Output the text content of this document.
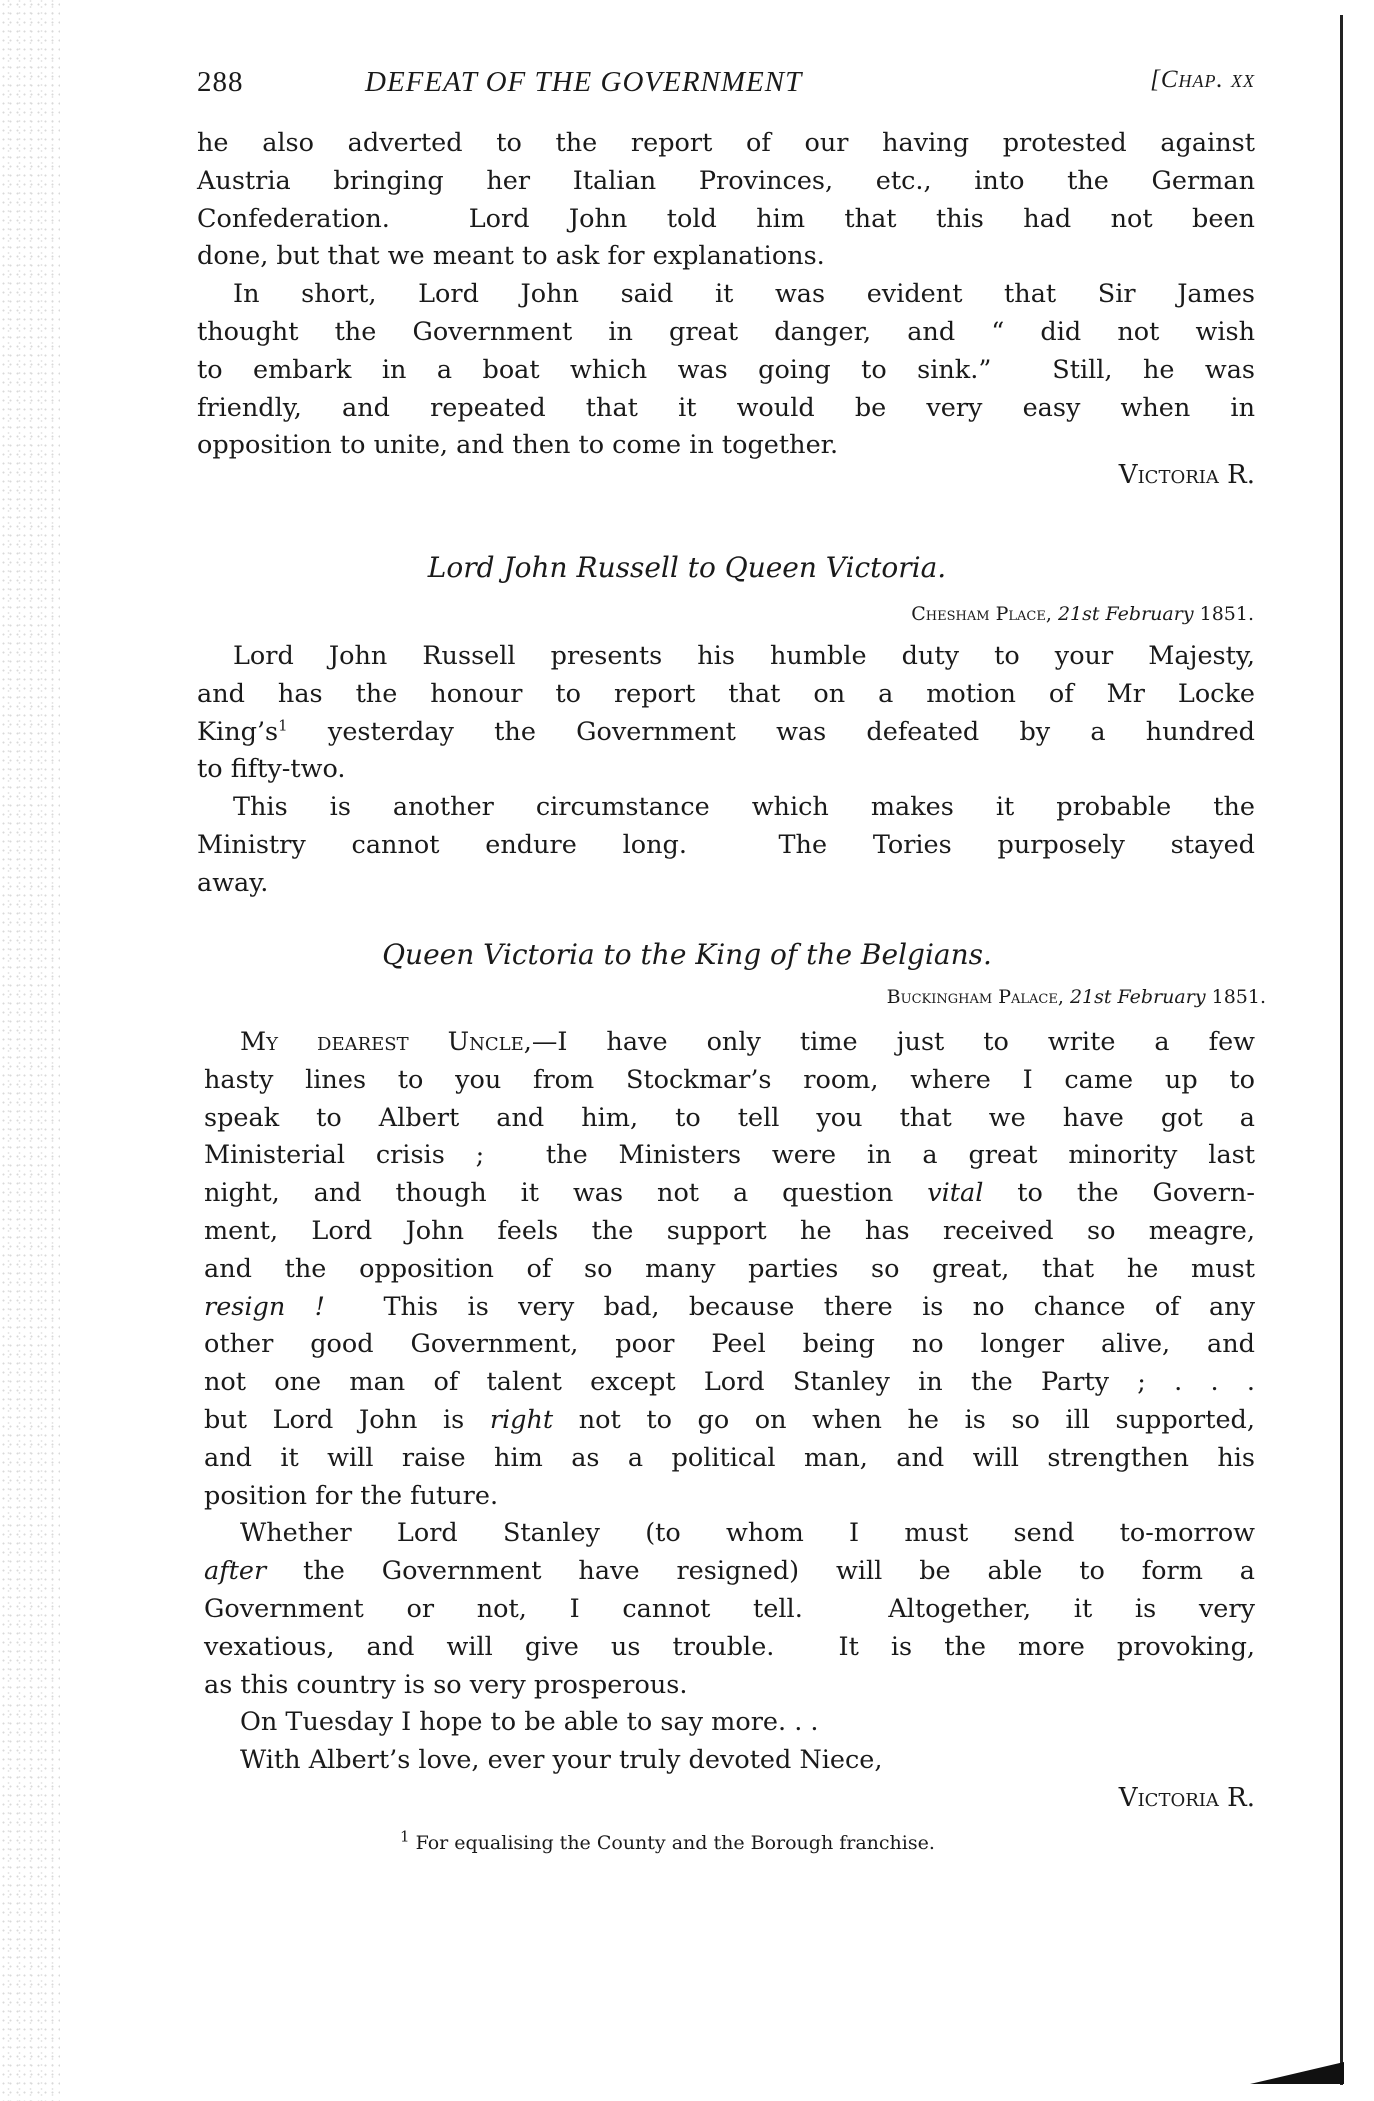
288	DEFEAT OF THE GOVERNMENT	[Chap. xx
he also adverted to the report of our having protested against
Austria bringing her Italian Provinces, etc., into the German
Confederation.  Lord John told him that this had not been
done, but that we meant to ask for explanations.
In short, Lord John said it was evident that Sir James
thought the Government in great danger, and “ did not wish
to embark in a boat which was going to sink.”  Still, he was
friendly, and repeated that it would be very easy when in
opposition to unite, and then to come in together.
Victoria R.
Lord John Russell to Queen Victoria.
Chesham Place, 21st February 1851.
Lord John Russell presents his humble duty to your Majesty,
and has the honour to report that on a motion of Mr Locke
$King’s^1$ yesterday the Government was defeated by a hundred
to fifty-two.
This is another circumstance which makes it probable the
Ministry cannot endure long.  The Tories purposely stayed
away.
Queen Victoria to the King of the Belgians.
Buckingham Palace, 21st February 1851.
My dearest Uncle,—I have only time just to write a few
hasty lines to you from Stockmar’s room, where I came up to
speak to Albert and him, to tell you that we have got a
Ministerial crisis ;  the Ministers were in a great minority last
night, and though it was not a question vital to the Govern-
ment, Lord John feels the support he has received so meagre,
and the opposition of so many parties so great, that he must
resign !  This is very bad, because there is no chance of any
other good Government, poor Peel being no longer alive, and
not one man of talent except Lord Stanley in the Party ; . . .
but Lord John is right not to go on when he is so ill supported,
and it will raise him as a political man, and will strengthen his
position for the future.
Whether Lord Stanley (to whom I must send to-morrow
after the Government have resigned) will be able to form a
Government or not, I cannot tell.  Altogether, it is very
vexatious, and will give us trouble.  It is the more provoking,
as this country is so very prosperous.
On Tuesday I hope to be able to say more. . .
With Albert’s love, ever your truly devoted Niece,
Victoria R.
$^1$ For equalising the County and the Borough franchise.
